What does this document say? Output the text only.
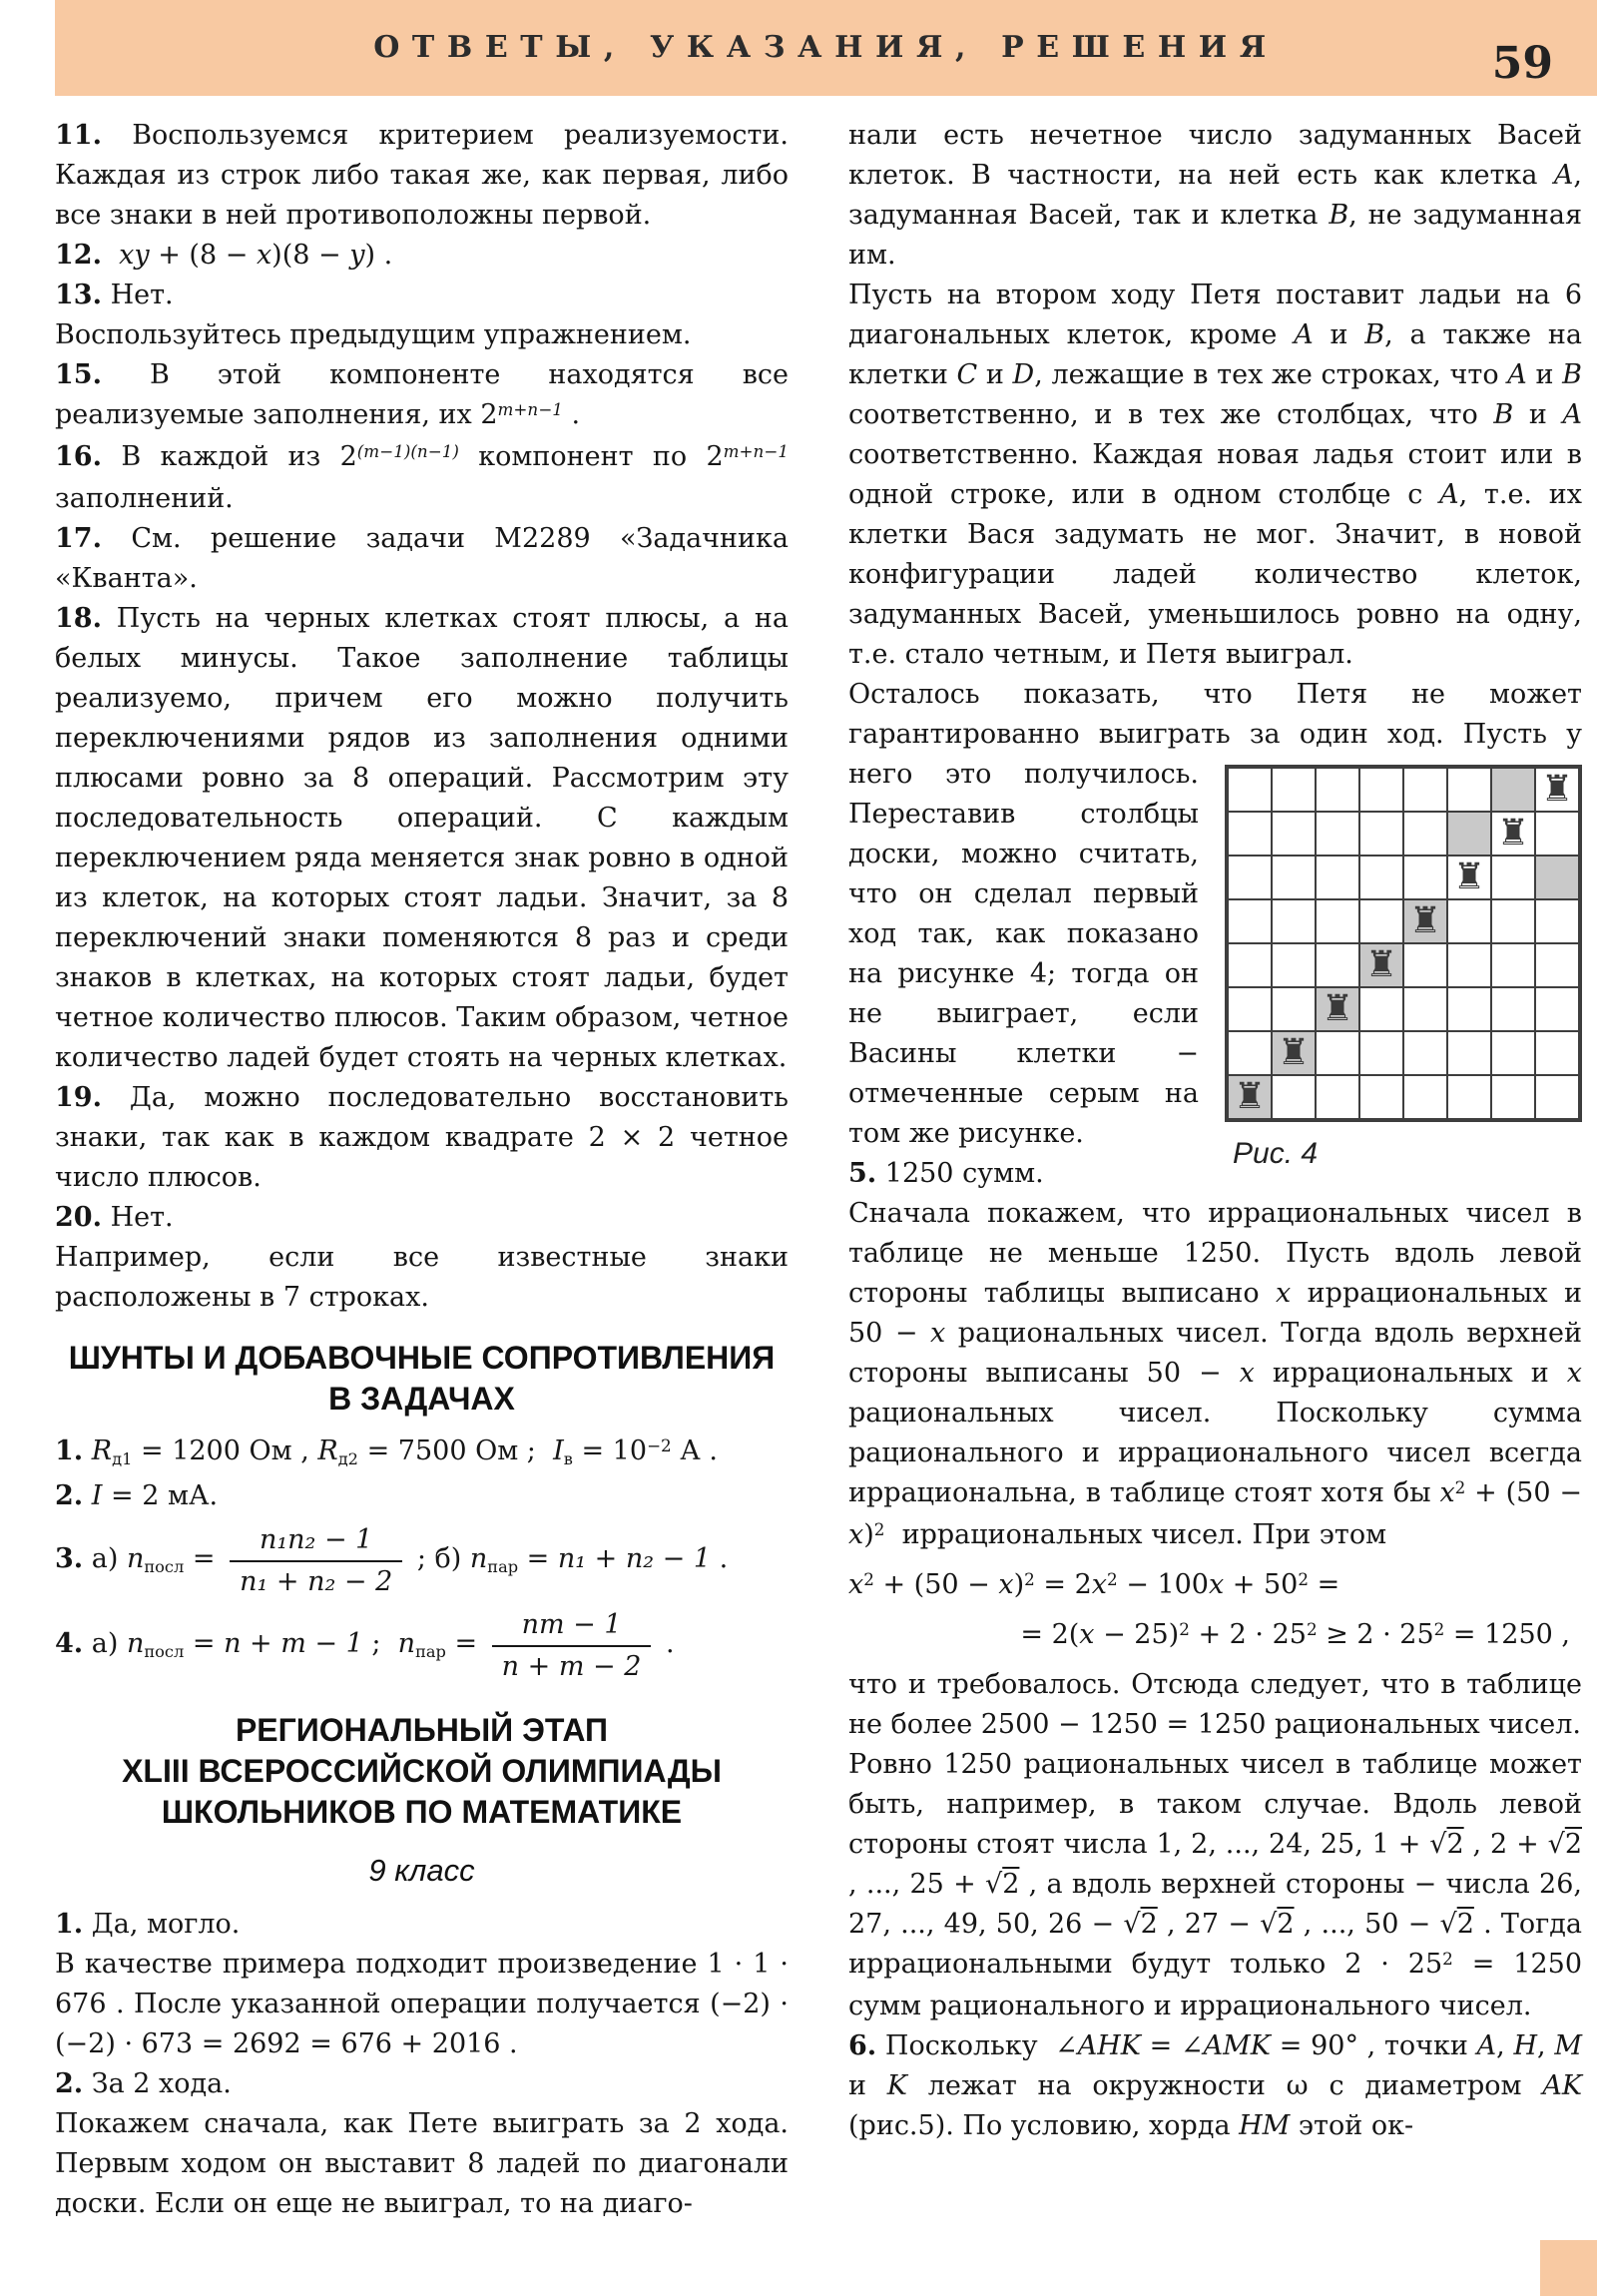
ОТВЕТЫ, УКАЗАНИЯ, РЕШЕНИЯ	59
11. Воспользуемся критерием реализуемости. Каждая из строк либо такая же, как первая, либо все знаки в ней противоположны первой.
12. xy + (8 − x)(8 − y) .
13. Нет.
Воспользуйтесь предыдущим упражнением.
15. В этой компоненте находятся все реализуемые заполнения, их $2^{m+n-1}$ .
16. В каждой из $2^{(m-1)(n-1)}$ компонент по $2^{m+n-1}$ заполнений.
17. См. решение задачи М2289 «Задачника «Кванта».
18. Пусть на черных клетках стоят плюсы, а на белых минусы. Такое заполнение таблицы реализуемо, причем его можно получить переключениями рядов из заполнения одними плюсами ровно за 8 операций. Рассмотрим эту последовательность операций. С каждым переключением ряда меняется знак ровно в одной из клеток, на которых стоят ладьи. Значит, за 8 переключений знаки поменяются 8 раз и среди знаков в клетках, на которых стоят ладьи, будет четное количество плюсов. Таким образом, четное количество ладей будет стоять на черных клетках.
19. Да, можно последовательно восстановить знаки, так как в каждом квадрате 2 × 2 четное число плюсов.
20. Нет.
Например, если все известные знаки расположены в 7 строках.
ШУНТЫ И ДОБАВОЧНЫЕ СОПРОТИВЛЕНИЯ
В ЗАДАЧАХ
1. Rд1 = 1200 Ом , Rд2 = 7500 Ом ;  Iв = $10^{-2}$ А .
2. I = 2 мА.
3. а) nпосл = $\frac{\text{n₁n₂ − 1}}{\text{n₁ + n₂ − 2}}$ ; б) nпар = n₁ + n₂ − 1 .
4. а) nпосл = n + m − 1 ;  nпар = $\frac{nm - 1}{n + m - 2}$ .
РЕГИОНАЛЬНЫЙ ЭТАП
XLIII ВСЕРОССИЙСКОЙ ОЛИМПИАДЫ
ШКОЛЬНИКОВ ПО МАТЕМАТИКЕ
9 класс
1. Да, могло.
В качестве примера подходит произведение 1 · 1 · 676 . После указанной операции получается (−2) · (−2) · 673 = 2692 = 676 + 2016 .
2. За 2 хода.
Покажем сначала, как Пете выиграть за 2 хода. Первым ходом он выставит 8 ладей по диагонали доски. Если он еще не выиграл, то на диаго-
нали есть нечетное число задуманных Васей клеток. В частности, на ней есть как клетка A, задуманная Васей, так и клетка B, не задуманная им.
Пусть на втором ходу Петя поставит ладьи на 6 диагональных клеток, кроме A и B, а также на клетки C и D, лежащие в тех же строках, что A и B соответственно, и в тех же столбцах, что B и A соответственно. Каждая новая ладья стоит или в одной строке, или в одном столбце с A, т.е. их клетки Вася задумать не мог. Значит, в новой конфигурации ладей количество клеток, задуманных Васей, уменьшилось ровно на одну, т.е. стало четным, и Петя выиграл.
Осталось показать, что Петя не может гарантированно выиграть за один ход. Пусть у него это	♜
♜
♜
♜
♜
♜
♜
♜
Рис. 4
получилось. Переставив столбцы доски, можно считать, что он сделал первый ход так, как показано на рисунке 4; тогда он не выиграет, если Васины клетки − отмеченные серым на том же рисунке.
5. 1250 сумм.
Сначала покажем, что иррациональных чисел в таблице не меньше 1250. Пусть вдоль левой стороны таблицы выписано x иррациональных и 50 − x рациональных чисел. Тогда вдоль верхней стороны выписаны 50 − x иррациональных и x рациональных чисел. Поскольку сумма рационального и иррационального чисел всегда иррациональна, в таблице стоят хотя бы $x^2 + (50 - x)^2$  иррациональных чисел. При этом
$x^2 + (50 - x)^2 = 2x^2 - 100x + 50^2$ =
= $2(x - 25)^2 + 2 \cdot 25^2 \ge 2 \cdot 25^2 = 1250$ ,
что и требовалось. Отсюда следует, что в таблице не более 2500 − 1250 = 1250 рациональных чисел.
Ровно 1250 рациональных чисел в таблице может быть, например, в таком случае. Вдоль левой стороны стоят числа 1, 2, ..., 24, 25, 1 + √2 , 2 + √2 , ..., 25 + √2 , а вдоль верхней стороны − числа 26, 27, ..., 49, 50, 26 − √2 , 27 − √2 , ..., 50 − √2 . Тогда иррациональными будут только $2 \cdot 25^2 = 1250$ сумм рационального и иррационального чисел.
6. Поскольку  ∠AHK = ∠AMK = 90° , точки A, H, M и K лежат на окружности ω с диаметром AK (рис.5). По условию, хорда HM этой ок-
